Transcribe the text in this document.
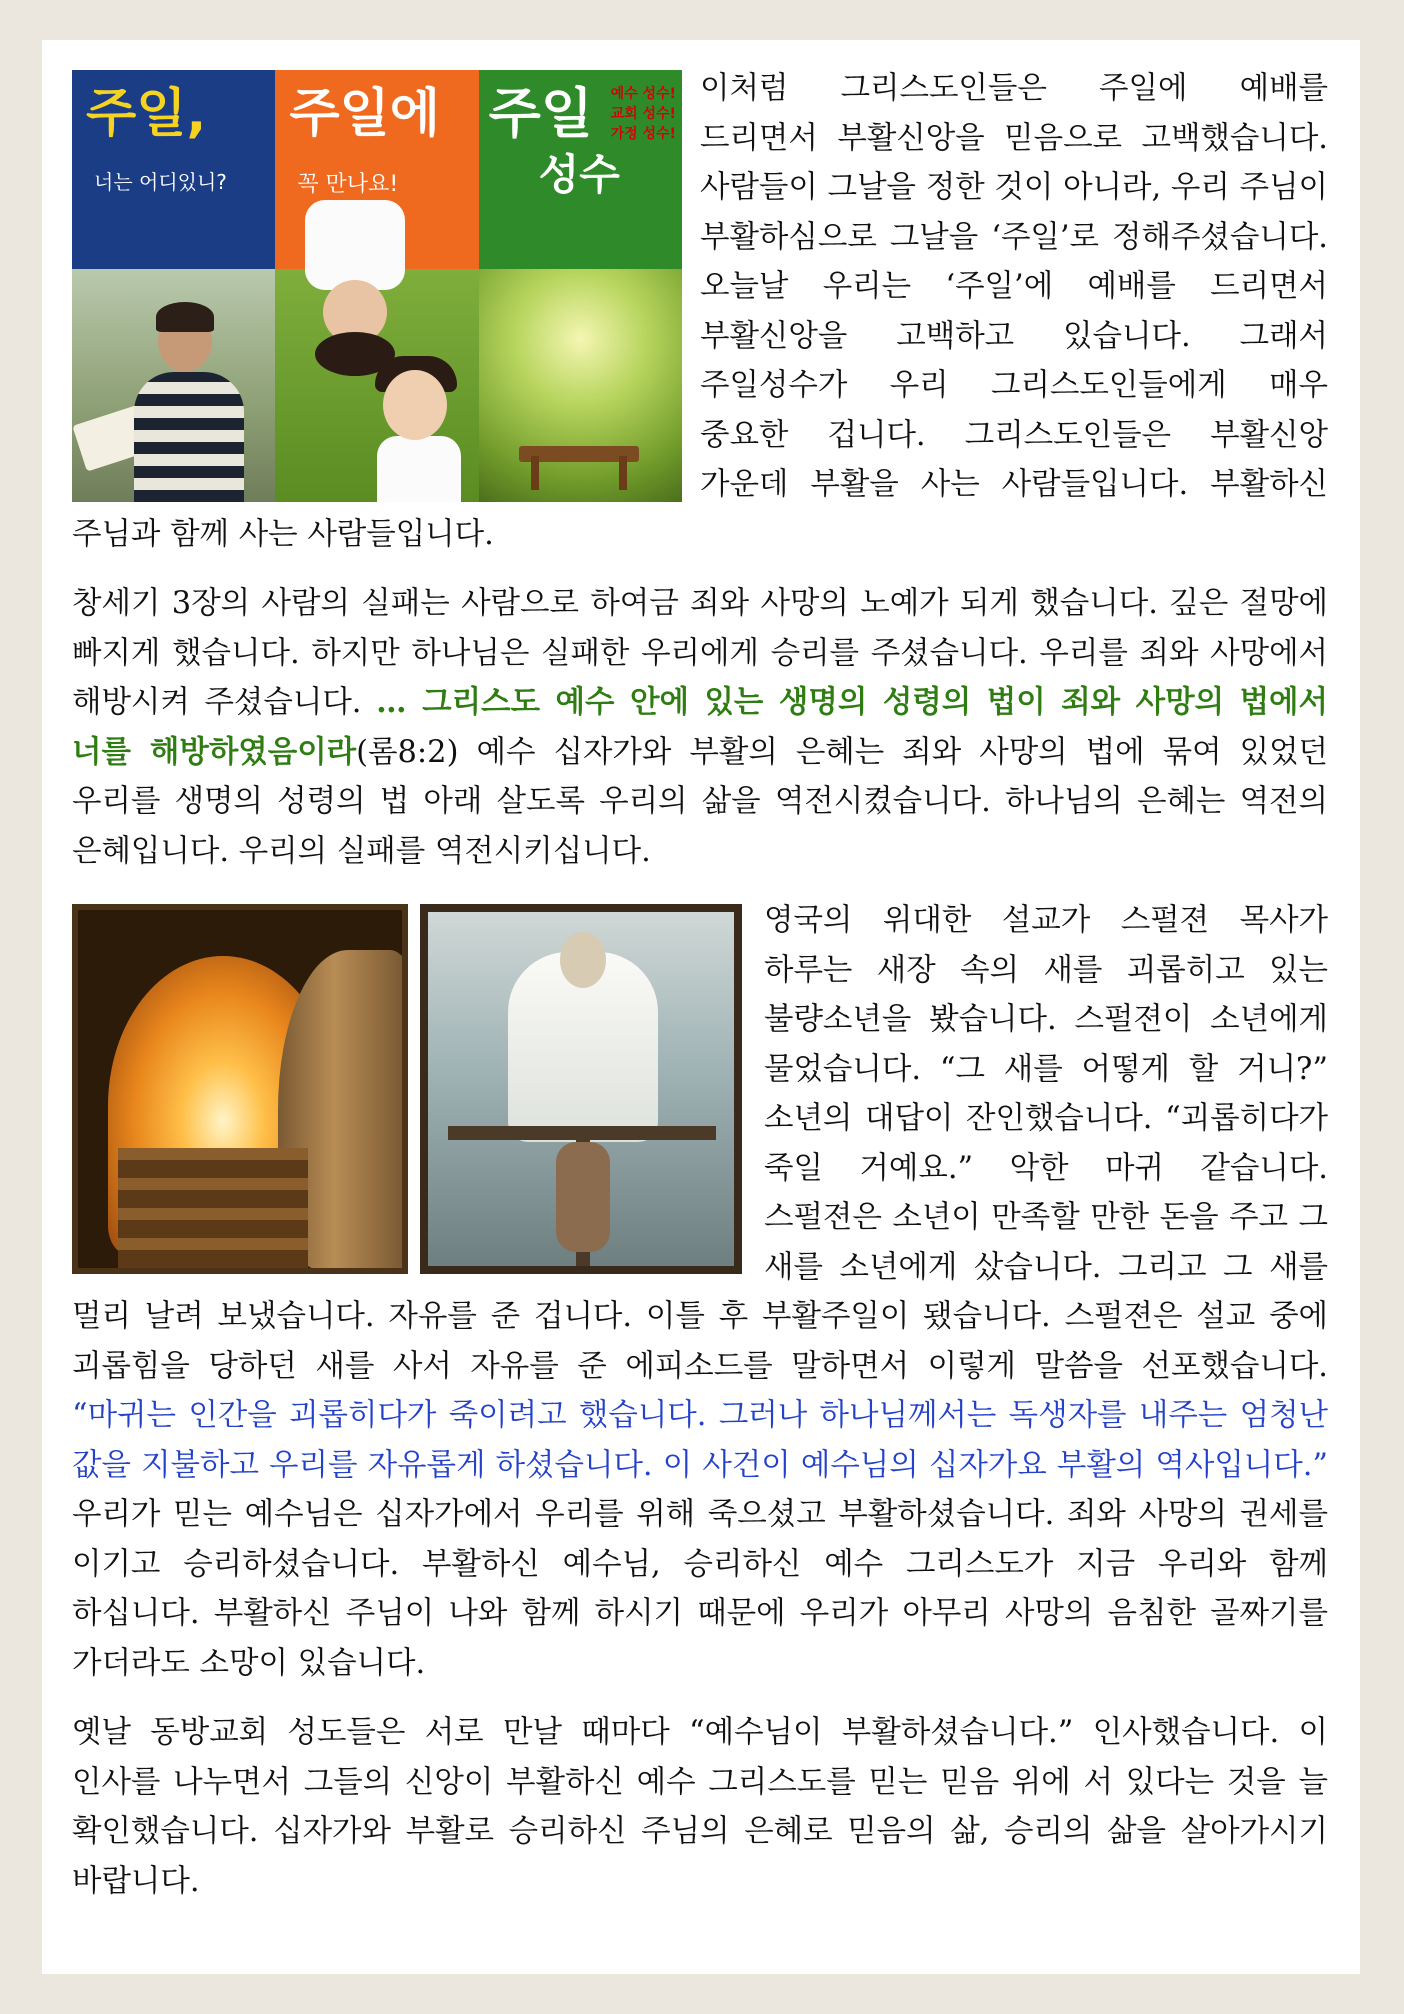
주일,
너는 어디있니?
주일에
꼭 만나요!
주일
성수
예수 성수!
교회 성수!
가정 성수!

이처럼 그리스도인들은 주일에 예배를 드리면서 부활신앙을 믿음으로 고백했습니다. 사람들이 그날을 정한 것이 아니라, 우리 주님이 부활하심으로 그날을 ‘주일’로 정해주셨습니다. 오늘날 우리는 ‘주일’에 예배를 드리면서 부활신앙을 고백하고 있습니다. 그래서 주일성수가 우리 그리스도인들에게 매우 중요한 겁니다. 그리스도인들은 부활신앙 가운데 부활을 사는 사람들입니다. 부활하신 주님과 함께 사는 사람들입니다.

창세기 3장의 사람의 실패는 사람으로 하여금 죄와 사망의 노예가 되게 했습니다. 깊은 절망에 빠지게 했습니다. 하지만 하나님은 실패한 우리에게 승리를 주셨습니다. 우리를 죄와 사망에서 해방시켜 주셨습니다. … 그리스도 예수 안에 있는 생명의 성령의 법이 죄와 사망의 법에서 너를 해방하였음이라(롬8:2) 예수 십자가와 부활의 은혜는 죄와 사망의 법에 묶여 있었던 우리를 생명의 성령의 법 아래 살도록 우리의 삶을 역전시켰습니다. 하나님의 은혜는 역전의 은혜입니다. 우리의 실패를 역전시키십니다.

영국의 위대한 설교가 스펄젼 목사가 하루는 새장 속의 새를 괴롭히고 있는 불량소년을 봤습니다. 스펄젼이 소년에게 물었습니다. “그 새를 어떻게 할 거니?” 소년의 대답이 잔인했습니다. “괴롭히다가 죽일 거예요.” 악한 마귀 같습니다. 스펄젼은 소년이 만족할 만한 돈을 주고 그 새를 소년에게 샀습니다. 그리고 그 새를 멀리 날려 보냈습니다. 자유를 준 겁니다. 이틀 후 부활주일이 됐습니다. 스펄젼은 설교 중에 괴롭힘을 당하던 새를 사서 자유를 준 에피소드를 말하면서 이렇게 말씀을 선포했습니다. “마귀는 인간을 괴롭히다가 죽이려고 했습니다. 그러나 하나님께서는 독생자를 내주는 엄청난 값을 지불하고 우리를 자유롭게 하셨습니다. 이 사건이 예수님의 십자가요 부활의 역사입니다.” 우리가 믿는 예수님은 십자가에서 우리를 위해 죽으셨고 부활하셨습니다. 죄와 사망의 권세를 이기고 승리하셨습니다. 부활하신 예수님, 승리하신 예수 그리스도가 지금 우리와 함께 하십니다. 부활하신 주님이 나와 함께 하시기 때문에 우리가 아무리 사망의 음침한 골짜기를 가더라도 소망이 있습니다.

옛날 동방교회 성도들은 서로 만날 때마다 “예수님이 부활하셨습니다.” 인사했습니다. 이 인사를 나누면서 그들의 신앙이 부활하신 예수 그리스도를 믿는 믿음 위에 서 있다는 것을 늘 확인했습니다. 십자가와 부활로 승리하신 주님의 은혜로 믿음의 삶, 승리의 삶을 살아가시기 바랍니다.
